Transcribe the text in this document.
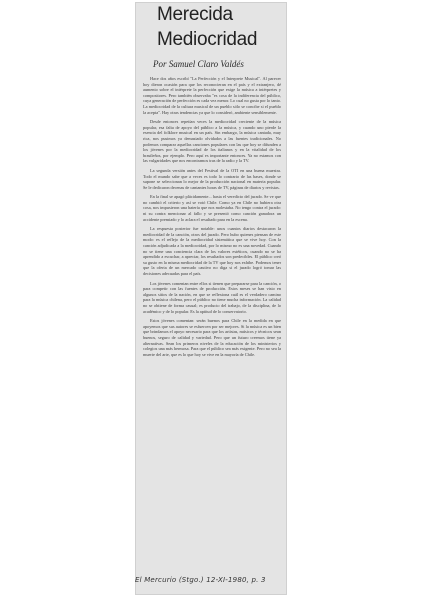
Merecida
Mediocridad
Por Samuel Claro Valdés

Hace dos años escribí "La Perfección y el Interprete Musical". Al parecer hoy dieron ocasión para que los reconocieran en el país y el extranjero, dé aumento sobre el intérprete la perfección que exige la música a intérpretes y compositores. Pero también observaba "es cosa de la indiferencia del público, cuya generación de perfección es cada vez menor. Lo cual no gusta por lo tanto. La mediocridad de la cultura musical de un pueblo sólo se concibe si el pueblo la acepta". Hay otras tendencias ya que lo consideró, ambiente sensiblemente.

Desde entonces repetían veces la mediocridad creciente de la música popular, esa falta de apoyo del público a la música, y cuando uno pierde la esencia del folklore musical en un país. Sin embargo, la música cantada, muy rica, nos pusimos ya demasiado olvidados a las fuentes tradicionales. No podemos comparar aquellas canciones populares con las que hoy se difunden a los jóvenes por la mediocridad de los italianos y en la vitalidad de los brasileños, por ejemplo. Pero aquí es importante entonces. Ya no estamos con las vulgaridades que nos encontramos tras de la radio y la TV.

La segunda versión antes del Festival de la OTI en una buena muestra. Todo el mundo sabe que a veces es todo lo contrario de las bases, donde se supone se seleccionan lo mejor de la producción nacional en materia popular. Se le dedicaron decenas de cantantes horas de TV, páginas de diarios y revistas.

En la final se apagó plácidamente... hasta el veredicto del jurado. Se ve que no cambió el criterio y así se votó Chile. Como ya en Chile no hubiera otra cosa, nos impusieron una batería que nos molestaba. No tengo contra el jurado: ni su contra mencionar al fallo y se presentó como canción ganadora un accidente premiado y lo aclara el resultado para en la escena.

La respuesta posterior fue notable: unos cuantos diarios destacaron la mediocridad de la canción, otros del jurado. Pero hubo quienes piensan de este modo: es el reflejo de la mediocridad sistemática que se vive hoy. Con la canción adjudicada a la mediocridad, por lo mismo no es una novedad. Cuando no se tiene una conciencia clara de los valores estéticos, cuando no se ha aprendido a escuchar, a apreciar, los resultados son predecibles. El público creó su gusto en la misma mediocridad de la TV que hoy nos exhibe. Podemos tener que la oferta de un mercado cautivo no diga si el jurado logró tomar las decisiones adecuadas para el país.

Los jóvenes comentan entre ellos si tienen que prepararse para la canción, o para competir con las fuentes de producción. Estos meses se han visto en algunos sitios de la nación, en que se reflexiona cuál es el verdadero camino para la música chilena, pero el público no tiene mucha información. La calidad no se obtiene de forma casual; es producto del trabajo, de la disciplina, de lo académico y de lo popular. Es la aptitud de lo conservatorio.

Estos jóvenes comentan: serán buenos para Chile en la medida en que apoyemos que sus autores se esfuercen por ser mejores. Si la música es un bien que brindamos el apoyo necesario para que los artistas, músicos y técnicos sean buenos, seguro de calidad y variedad. Pero que un futuro creemos tiene ya alternativas. Sean los primeros niveles de la educación de los ministerios y colegios una más hermosa. Para que el público sea más exigente. Pero no sea la muerte del arte, que es lo que hoy se vive en la mayoría de Chile.

El Mercurio (Stgo.) 12-XI-1980, p. 3
